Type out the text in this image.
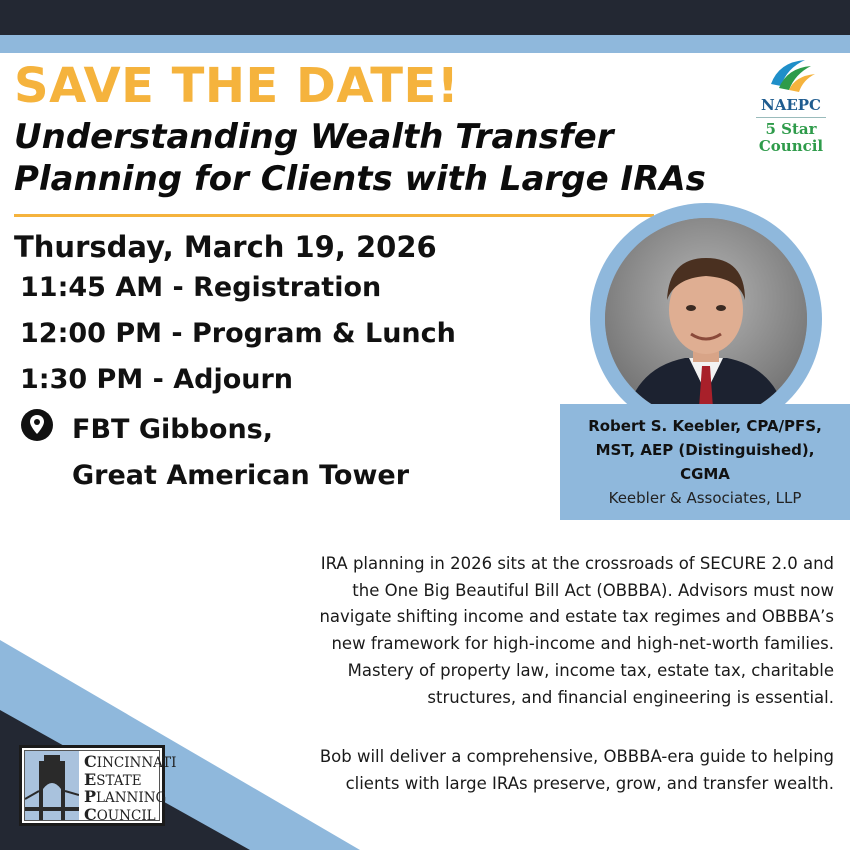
SAVE THE DATE!
Understanding Wealth Transfer
Planning for Clients with Large IRAs
NAEPC
5 Star
Council
Thursday, March 19, 2026
11:45 AM - Registration
12:00 PM - Program & Lunch
1:30 PM - Adjourn
FBT Gibbons,
Great American Tower
Robert S. Keebler, CPA/PFS,
MST, AEP (Distinguished),
CGMA
Keebler & Associates, LLP
IRA planning in 2026 sits at the crossroads of SECURE 2.0 and
the One Big Beautiful Bill Act (OBBBA). Advisors must now
navigate shifting income and estate tax regimes and OBBBA’s
new framework for high-income and high-net-worth families.
Mastery of property law, income tax, estate tax, charitable
structures, and financial engineering is essential.
Bob will deliver a comprehensive, OBBBA-era guide to helping
clients with large IRAs preserve, grow, and transfer wealth.
CINCINNATI
ESTATE
PLANNING
COUNCIL
